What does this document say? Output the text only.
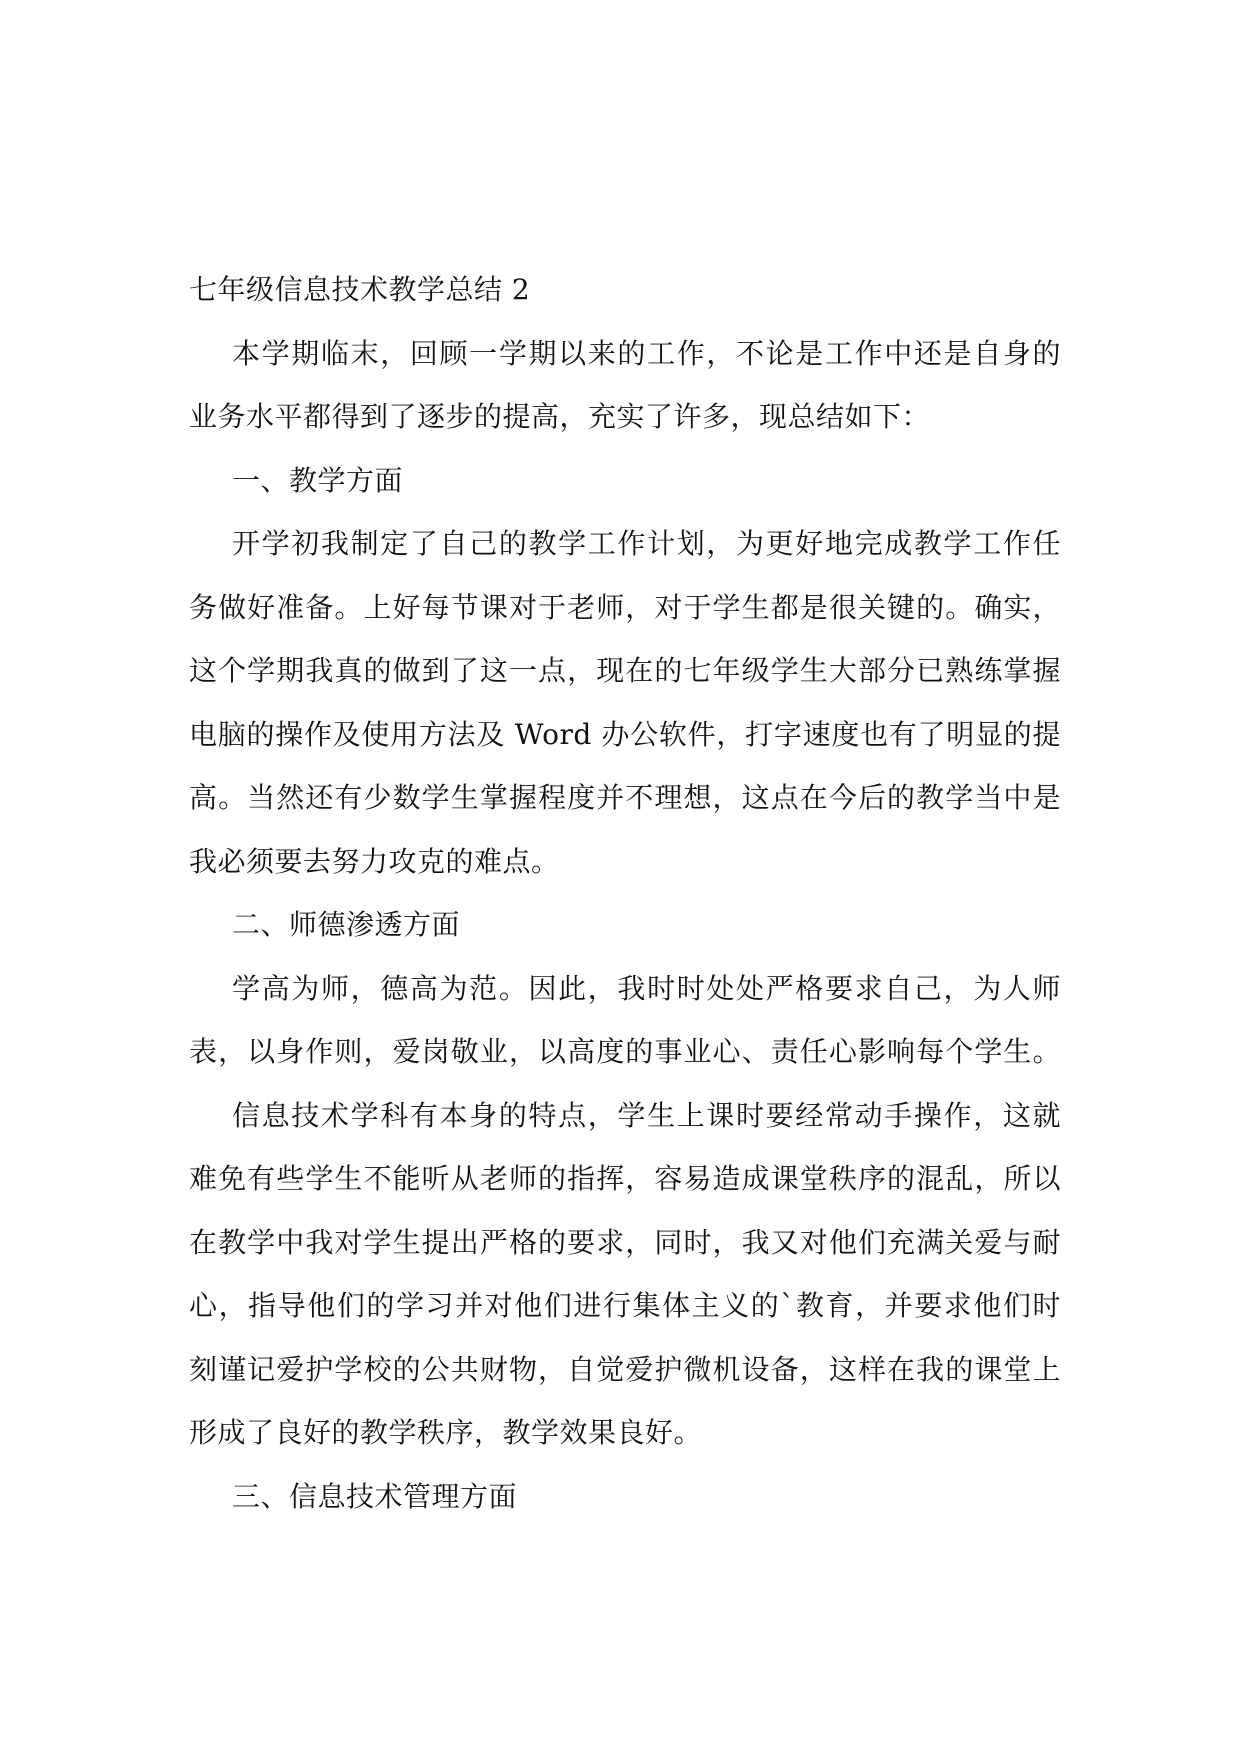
七年级信息技术教学总结 2
本学期临末，回顾一学期以来的工作，不论是工作中还是自身的
业务水平都得到了逐步的提高，充实了许多，现总结如下：
一、教学方面
开学初我制定了自己的教学工作计划，为更好地完成教学工作任
务做好准备。上好每节课对于老师，对于学生都是很关键的。确实，
这个学期我真的做到了这一点，现在的七年级学生大部分已熟练掌握
电脑的操作及使用方法及 Word 办公软件，打字速度也有了明显的提
高。当然还有少数学生掌握程度并不理想，这点在今后的教学当中是
我必须要去努力攻克的难点。
二、师德渗透方面
学高为师，德高为范。因此，我时时处处严格要求自己，为人师
表，以身作则，爱岗敬业，以高度的事业心、责任心影响每个学生。
信息技术学科有本身的特点，学生上课时要经常动手操作，这就
难免有些学生不能听从老师的指挥，容易造成课堂秩序的混乱，所以
在教学中我对学生提出严格的要求，同时，我又对他们充满关爱与耐
心，指导他们的学习并对他们进行集体主义的`教育，并要求他们时
刻谨记爱护学校的公共财物，自觉爱护微机设备，这样在我的课堂上
形成了良好的教学秩序，教学效果良好。
三、信息技术管理方面
